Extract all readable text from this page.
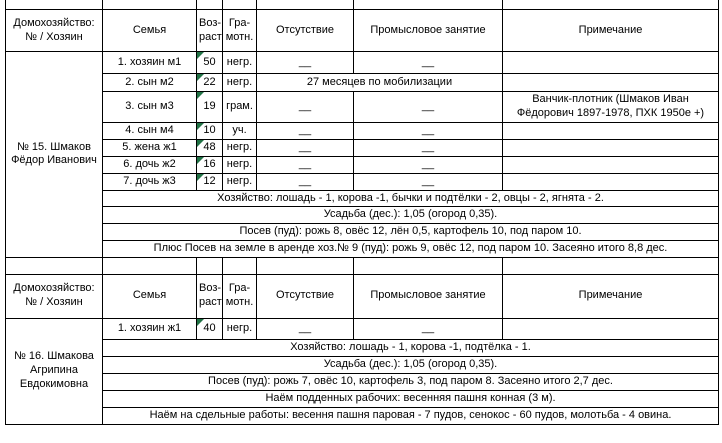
Домохозяйство: № / Хозяин	Семья	Воз-раст	Гра-мотн.	Отсутствие	Промысловое занятие	Примечание
№ 15. Шмаков Фёдор Иванович	1. хозяин м1	50	негр.	__	__	
	2. сын м2	22	негр.	27 месяцев по мобилизации		
	3. сын м3	19	грам.	__	__	Ванчик-плотник (Шмаков Иван Фёдорович 1897-1978, ПХК 1950е +)
	4. сын м4	10	уч.	__	__	
	5. жена ж1	48	негр.	__	__	
	6. дочь ж2	16	негр.	__	__	
	7. дочь ж3	12	негр.	__	__	
	Хозяйство: лошадь - 1, корова -1, бычки и подтёлки - 2, овцы - 2, ягнята - 2.					
	Усадьба (дес.): 1,05 (огород 0,35).					
	Посев (пуд): рожь 8, овёс 12, лён 0,5, картофель 10, под паром 10.					
	Плюс Посев на земле в аренде хоз.№ 9 (пуд): рожь 9, овёс 12, под паром 10. Засеяно итого 8,8 дес.					

Домохозяйство: № / Хозяин	Семья	Воз-раст	Гра-мотн.	Отсутствие	Промысловое занятие	Примечание
№ 16. Шмакова Агрипина Евдокимовна	1. хозяин ж1	40	негр.	__	__	
	Хозяйство: лошадь - 1, корова -1, подтёлка - 1.					
	Усадьба (дес.): 1,05 (огород 0,35).					
	Посев (пуд): рожь 7, овёс 10, картофель 3, под паром 8. Засеяно итого 2,7 дес.					
	Наём подденных рабочих: весенняя пашня конная (3 м).					
	Наём на сдельные работы: весення пашня паровая - 7 пудов, сенокос - 60 пудов, молотьба - 4 овина.					
